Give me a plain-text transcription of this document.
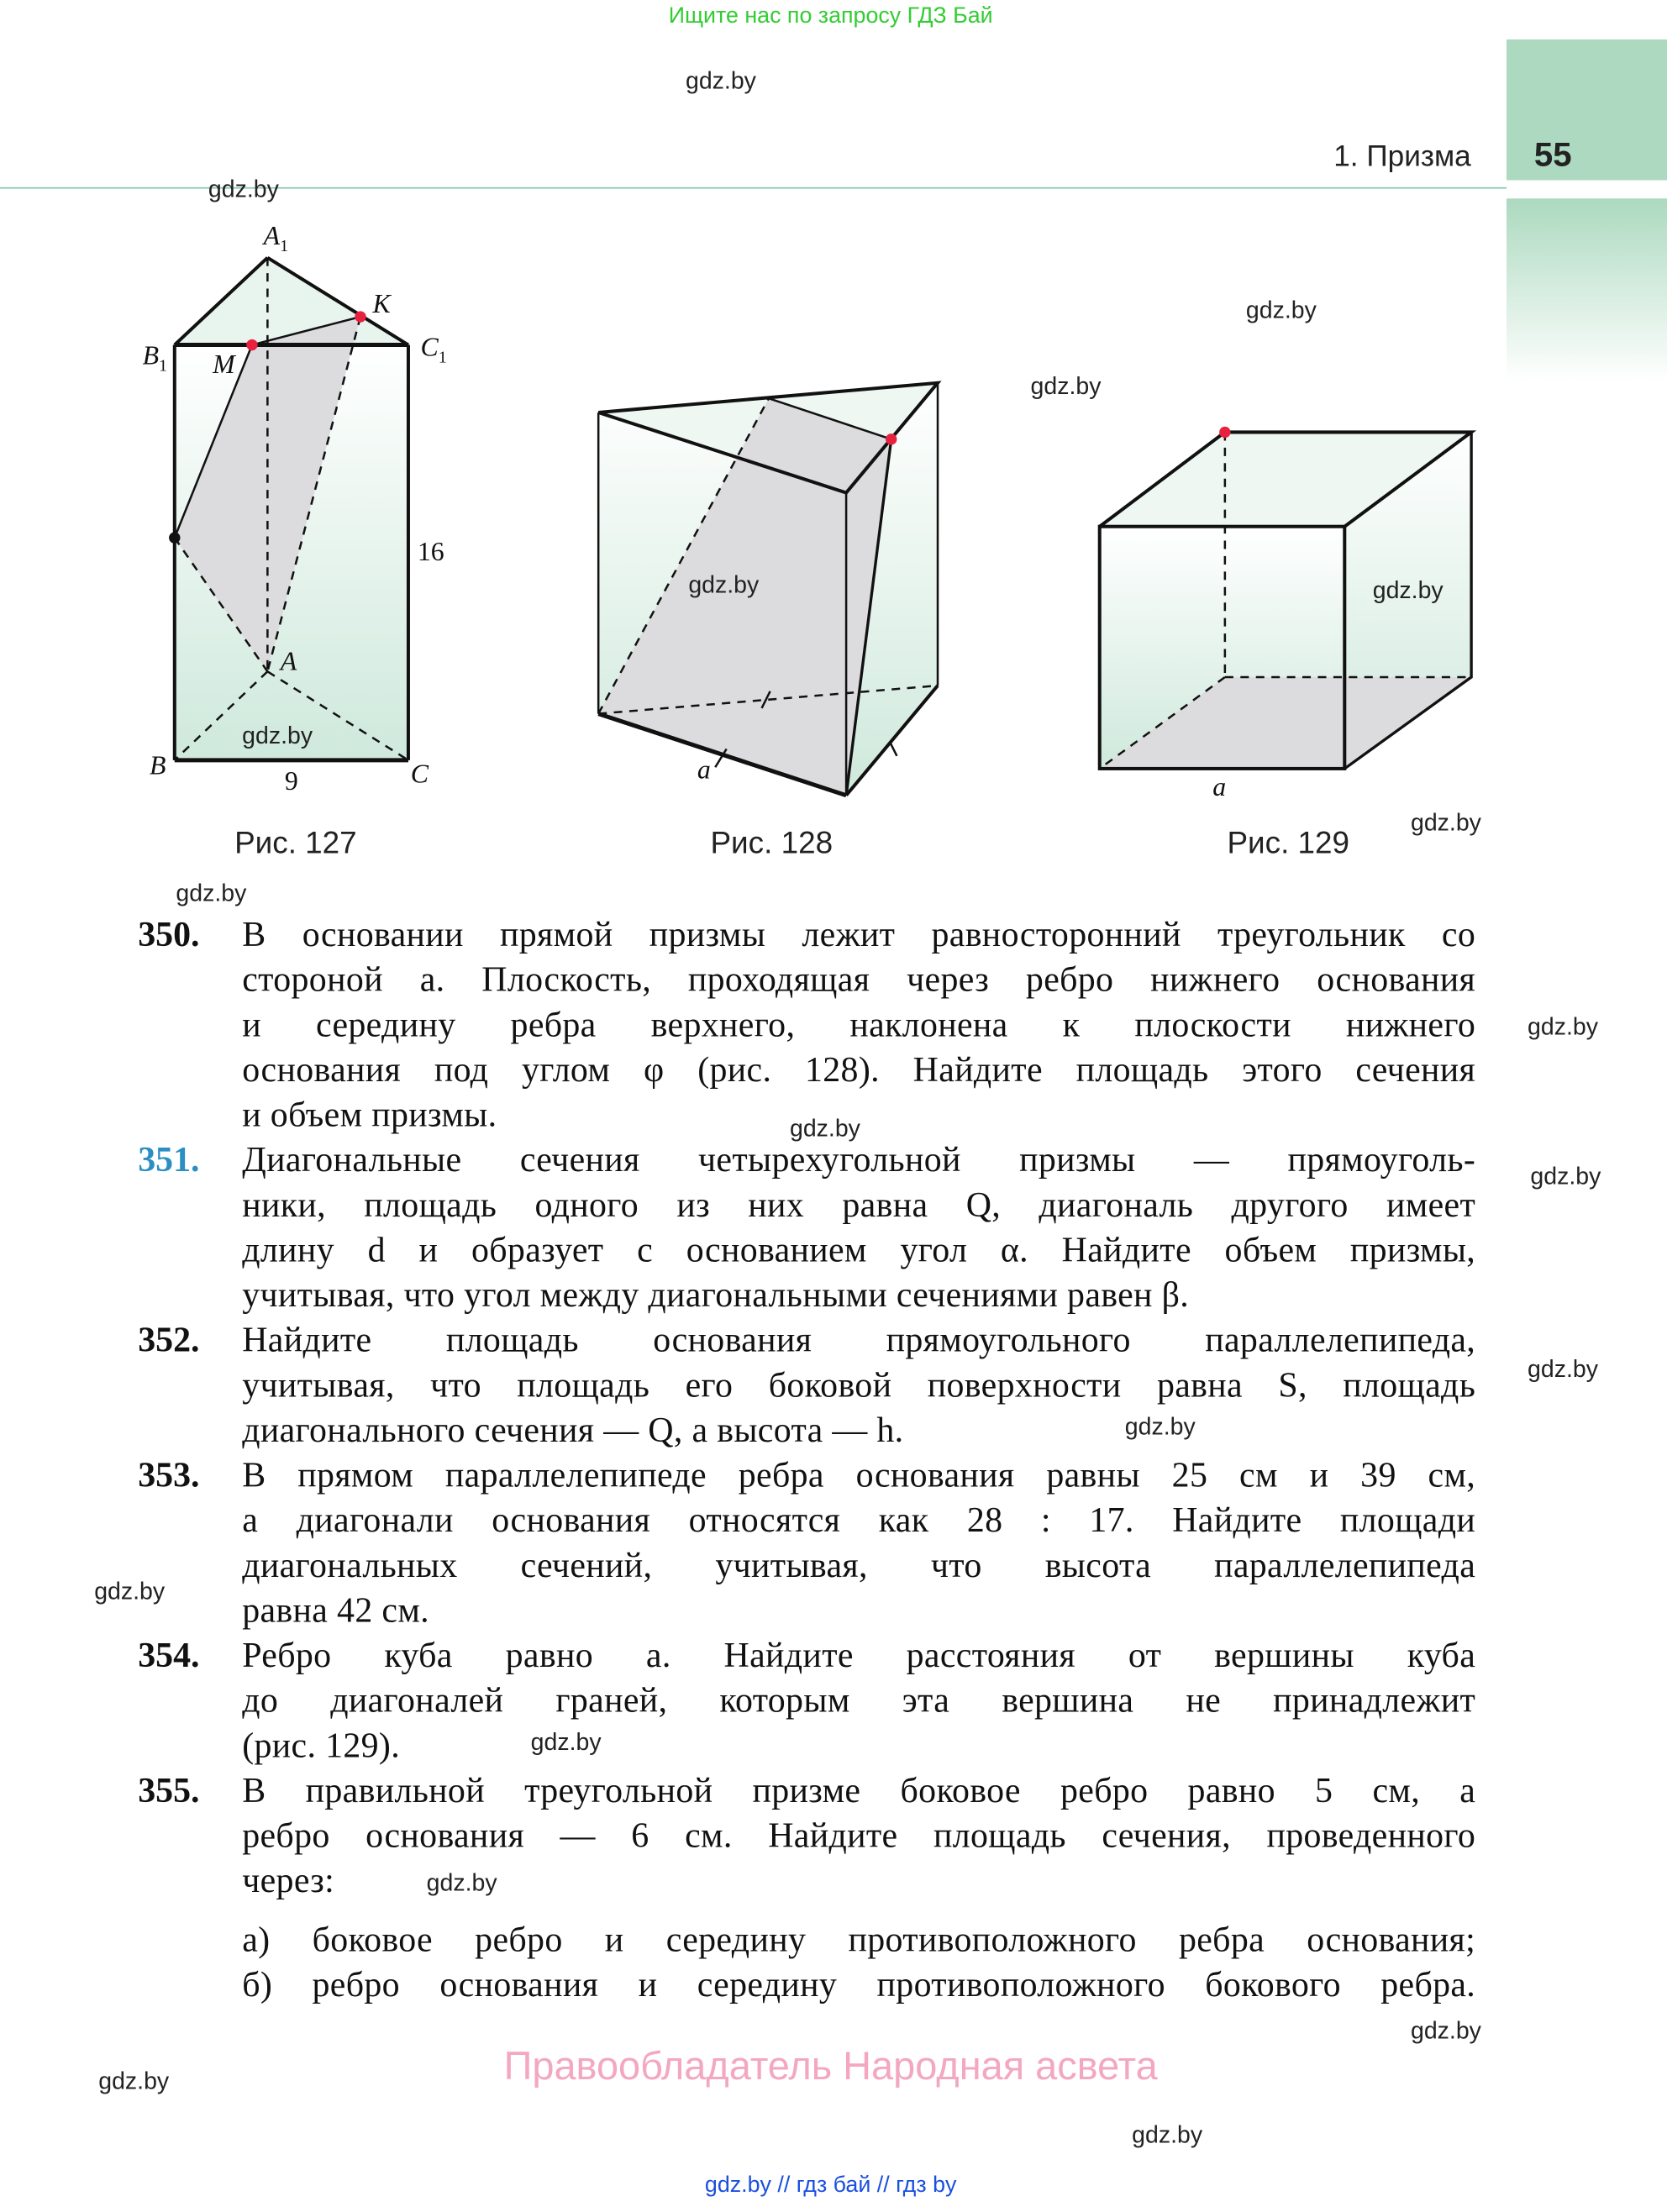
Ищите нас по запросу ГДЗ Бай
1. Призма	55
$A_1$
$B_1$
$C_1$
M
K
A
B	C
16
9	a
a
Рис. 127	Рис. 128	Рис. 129
350. В основании прямой призмы лежит равносторонний треугольник со
стороной a. Плоскость, проходящая через ребро нижнего основания
и середину ребра верхнего, наклонена к плоскости нижнего
основания под углом φ (рис. 128). Найдите площадь этого сечения
и объем призмы.
351. Диагональные сечения четырехугольной призмы — прямоуголь-
ники, площадь одного из них равна Q, диагональ другого имеет
длину d и образует с основанием угол α. Найдите объем призмы,
учитывая, что угол между диагональными сечениями равен β.
352. Найдите площадь основания прямоугольного параллелепипеда,
учитывая, что площадь его боковой поверхности равна S, площадь
диагонального сечения — Q, а высота — h.
353. В прямом параллелепипеде ребра основания равны 25 см и 39 см,
а диагонали основания относятся как 28 : 17. Найдите площади
диагональных сечений, учитывая, что высота параллелепипеда
равна 42 см.
354. Ребро куба равно a. Найдите расстояния от вершины куба
до диагоналей граней, которым эта вершина не принадлежит
(рис. 129).
355. В правильной треугольной призме боковое ребро равно 5 см, а
ребро основания — 6 см. Найдите площадь сечения, проведенного
через:
а) боковое ребро и середину противоположного ребра основания;
б) ребро основания и середину противоположного бокового ребра.
gdz.by
gdz.by
gdz.by
gdz.by
gdz.by
gdz.by
gdz.by
gdz.by
gdz.by
gdz.by
gdz.by
gdz.by
gdz.by
gdz.by
gdz.by
gdz.by
gdz.by
gdz.by
gdz.by
gdz.by
Правообладатель Народная асвета
gdz.by // гдз бай // гдз by
